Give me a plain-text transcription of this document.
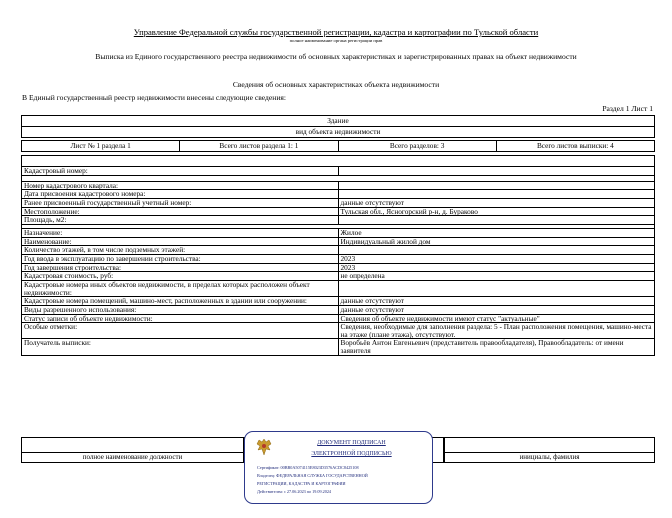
Управление Федеральной службы государственной регистрации, кадастра и картографии по Тульской области
полное наименование органа регистрации прав
Выписка из Единого государственного реестра недвижимости об основных характеристиках и зарегистрированных правах на объект недвижимости
Сведения об основных характеристиках объекта недвижимости
В Единый государственный реестр недвижимости внесены следующие сведения:
Раздел 1 Лист 1
Здание
вид объекта недвижимости
Лист № 1 раздела 1	Всего листов раздела 1: 1	Всего разделов: 3	Всего листов выписки: 4

Кадастровый номер:	

Номер кадастрового квартала:	
Дата присвоения кадастрового номера:	
Ранее присвоенный государственный учетный номер:	данные отсутствуют
Местоположение:	Тульская обл., Ясногорский р-н, д. Бураково
Площадь, м2:	

Назначение:	Жилое
Наименование:	Индивидуальный жилой дом
Количество этажей, в том числе подземных этажей:	
Год ввода в эксплуатацию по завершении строительства:	2023
Год завершения строительства:	2023
Кадастровая стоимость, руб:	не определена
Кадастровые номера иных объектов недвижимости, в пределах которых расположен объект недвижимости:	
Кадастровые номера помещений, машино-мест, расположенных в здании или сооружении:	данные отсутствуют
Виды разрешенного использования:	данные отсутствуют
Статус записи об объекте недвижимости:	Сведения об объекте недвижимости имеют статус "актуальные"
Особые отметки:	Сведения, необходимые для заполнения раздела: 5 - План расположения помещения, машино-места на этаже (плане этажа), отсутствуют.
Получатель выписки:	Воробьёв Антон Евгеньевич (представитель правообладателя), Правообладатель: от имени заявителя
полное наименование должности	инициалы, фамилия
ДОКУМЕНТ ПОДПИСАН
ЭЛЕКТРОННОЙ ПОДПИСЬЮ
Сертификат: 00BB0A5074115E8023D3576ACDC8425108
Владелец: ФЕДЕРАЛЬНАЯ СЛУЖБА ГОСУДАРСТВЕННОЙ
РЕГИСТРАЦИИ, КАДАСТРА И КАРТОГРАФИИ
Действителен: с 27.06.2023 по 19.09.2024
